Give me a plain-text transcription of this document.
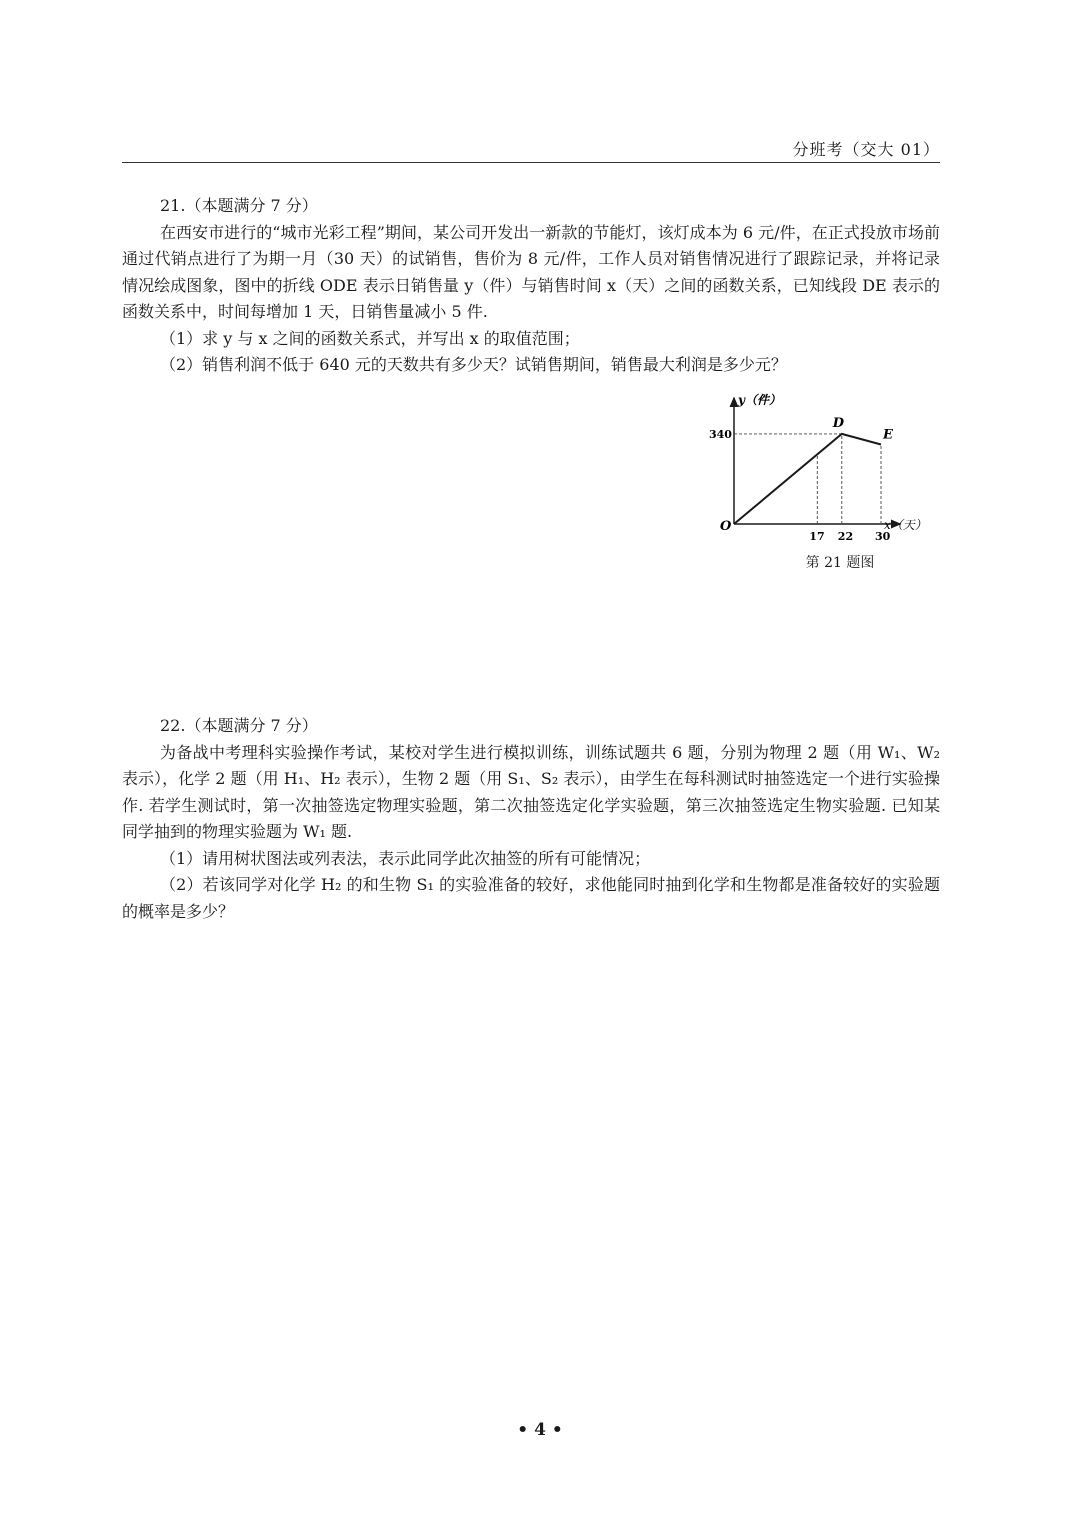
分班考（交大 01）

21.（本题满分 7 分）

在西安市进行的“城市光彩工程”期间，某公司开发出一新款的节能灯，该灯成本为 6 元/件，在正式投放市场前通过代销点进行了为期一月（30 天）的试销售，售价为 8 元/件，工作人员对销售情况进行了跟踪记录，并将记录情况绘成图象，图中的折线 ODE 表示日销售量 y（件）与销售时间 x（天）之间的函数关系，已知线段 DE 表示的函数关系中，时间每增加 1 天，日销售量减小 5 件.

（1）求 y 与 x 之间的函数关系式，并写出 x 的取值范围；

（2）销售利润不低于 640 元的天数共有多少天？试销售期间，销售最大利润是多少元？

y（件）
x（天）
O
340
17 22 30
D
E
第 21 题图

22.（本题满分 7 分）

为备战中考理科实验操作考试，某校对学生进行模拟训练，训练试题共 6 题，分别为物理 2 题（用 W₁、W₂ 表示），化学 2 题（用 H₁、H₂ 表示），生物 2 题（用 S₁、S₂ 表示），由学生在每科测试时抽签选定一个进行实验操作. 若学生测试时，第一次抽签选定物理实验题，第二次抽签选定化学实验题，第三次抽签选定生物实验题. 已知某同学抽到的物理实验题为 W₁ 题.

（1）请用树状图法或列表法，表示此同学此次抽签的所有可能情况；

（2）若该同学对化学 H₂ 的和生物 S₁ 的实验准备的较好，求他能同时抽到化学和生物都是准备较好的实验题的概率是多少？

• 4 •
